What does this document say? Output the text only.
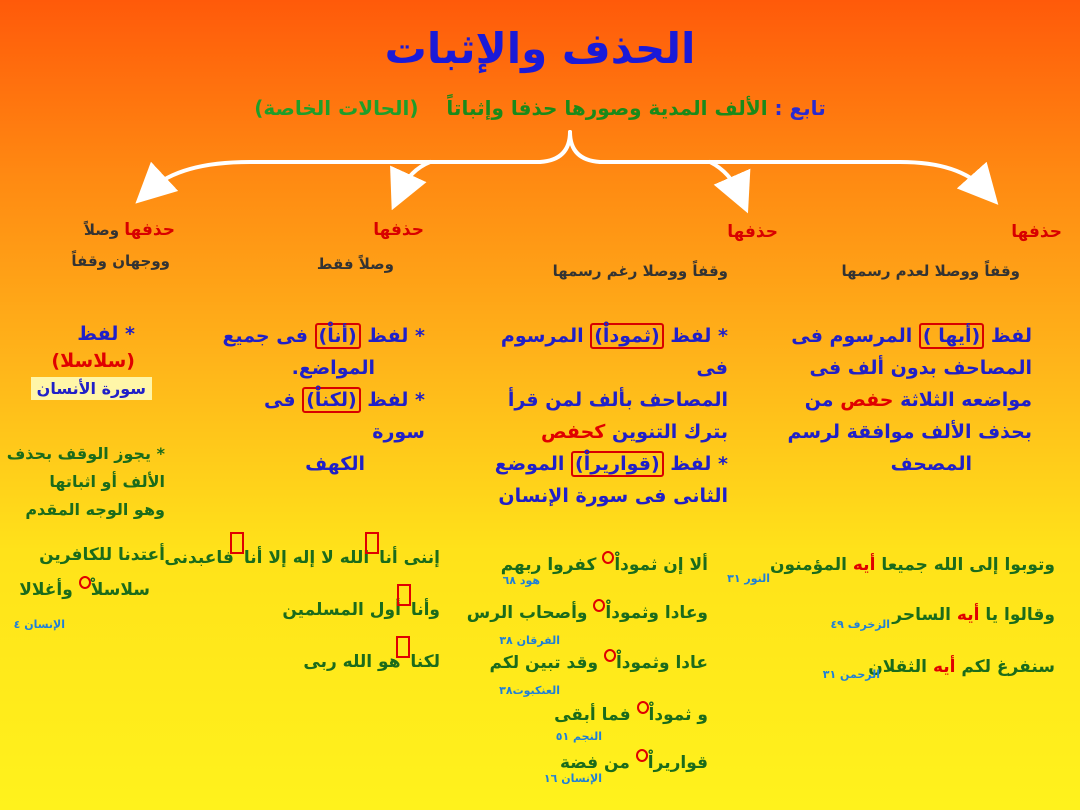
الحذف والإثبات
تابع : الألف المدية وصورها حذفا وإثباتاً    (الحالات الخاصة)
حذفها
وقفاً ووصلا لعدم رسمها
لفظ (أيها ) المرسوم فى
المصاحف بدون ألف فى
مواضعه الثلاثة حفص من
بحذف الألف موافقة لرسم
المصحف
وتوبوا إلى الله جميعا أيه المؤمنون
النور ٣١
وقالوا يا أيه الساحر
الزخرف ٤٩
سنفرغ لكم أيه الثقلان
الرحمن ٣١
حذفها
وقفاً ووصلا رغم رسمها
* لفظ (ثموداْ) المرسوم فى
المصاحف بألف لمن قرأ
بترك التنوين كحفص
* لفظ (قواريراْ) الموضع
الثانى فى سورة الإنسان
ألا إن ثموداْ كفروا ربهم
هود ٦٨
وعادا وثموداْ وأصحاب الرس
الفرقان ٣٨
عادا وثموداْ وقد تبين لكم
العنكبوت٣٨
و ثموداْ فما أبقى
النجم ٥١
قواريراْ من فضة
الإنسان ١٦
حذفها
وصلاً فقط
* لفظ (أناْ) فى جميع
المواضع.
* لفظ (لكناْ) فى سورة
الكهف
إننى أنا الله لا إله إلا أنا فاعبدنى
وأنا أول المسلمين
لكنا هو الله ربى
حذفها وصلاً
ووجهان وقفاً
* لفظ
(سلاسلا)
سورة الأنسان
* يجوز الوقف بحذف
الألف أو اثباتها
وهو الوجه المقدم
أعتدنا للكافرين
سلاسلاْ وأغلالا
الإنسان ٤
